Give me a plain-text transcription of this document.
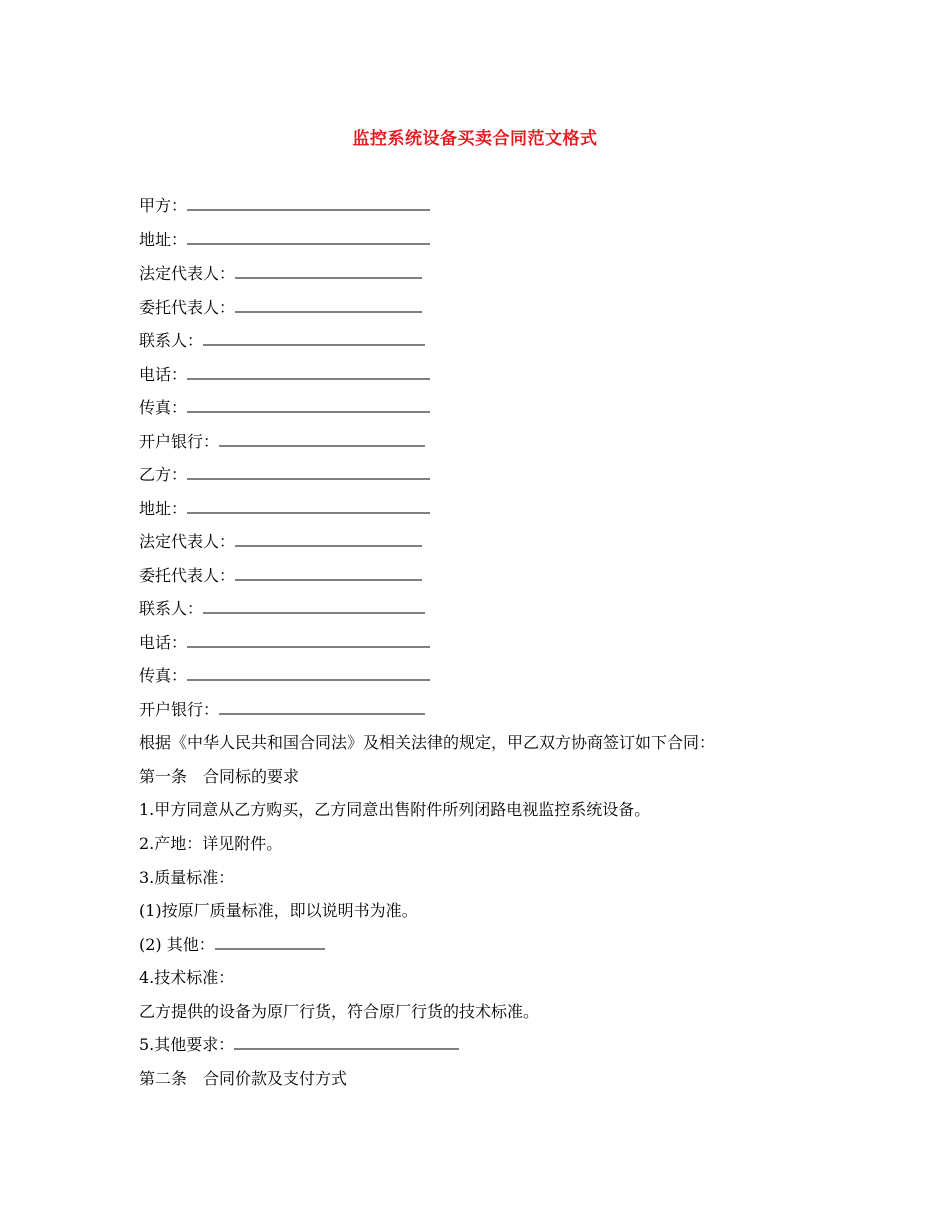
监控系统设备买卖合同范文格式
甲方：
地址：
法定代表人：
委托代表人：
联系人：
电话：
传真：
开户银行：
乙方：
地址：
法定代表人：
委托代表人：
联系人：
电话：
传真：
开户银行：
根据《中华人民共和国合同法》及相关法律的规定，甲乙双方协商签订如下合同：
第一条　合同标的要求
1.甲方同意从乙方购买，乙方同意出售附件所列闭路电视监控系统设备。
2.产地：详见附件。
3.质量标准：
(1)按原厂质量标准，即以说明书为准。
(2) 其他：
4.技术标准：
乙方提供的设备为原厂行货，符合原厂行货的技术标准。
5.其他要求：
第二条　合同价款及支付方式
